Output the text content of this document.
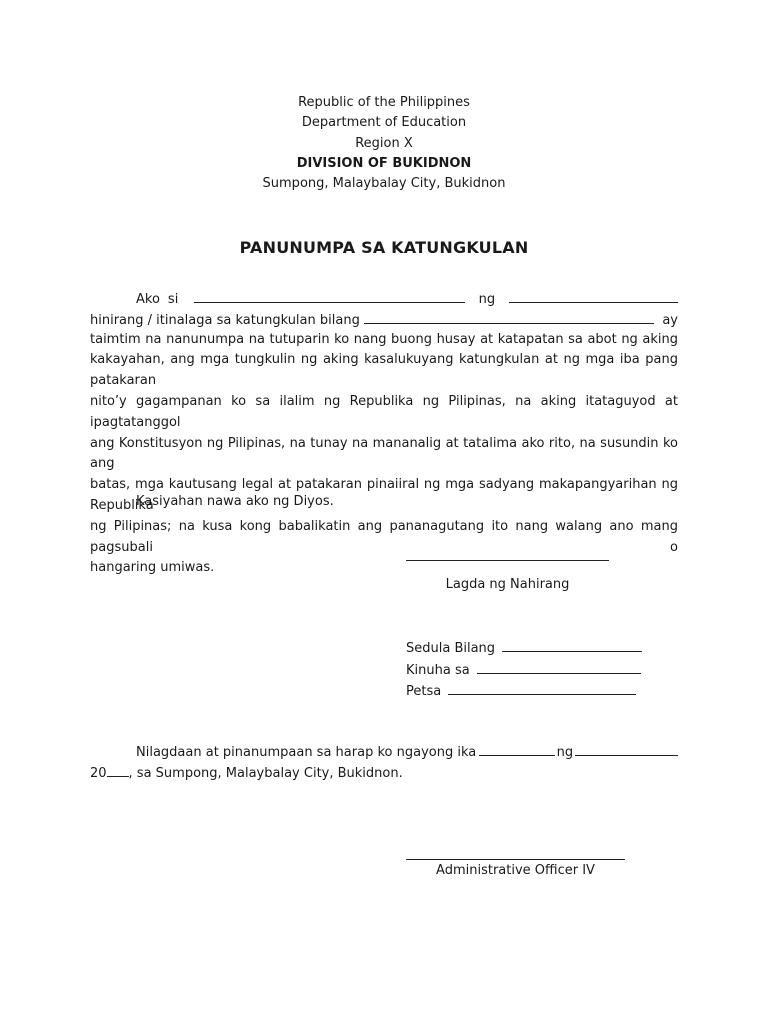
Republic of the Philippines
Department of Education
Region X
DIVISION OF BUKIDNON
Sumpong, Malaybalay City, Bukidnon
PANUNUMPA SA KATUNGKULAN
Ako si	ng
hinirang / itinalaga sa katungkulan bilang	ay
taimtim na nanunumpa na tutuparin ko nang buong husay at katapatan sa abot ng aking
kakayahan, ang mga tungkulin ng aking kasalukuyang katungkulan at ng mga iba pang patakaran
nito’y gagampanan ko sa ilalim ng Republika ng Pilipinas, na aking itataguyod at ipagtatanggol
ang Konstitusyon ng Pilipinas, na tunay na mananalig at tatalima ako rito, na susundin ko ang
batas, mga kautusang legal at patakaran pinaiiral ng mga sadyang makapangyarihan ng Republika
ng Pilipinas; na kusa kong babalikatin ang pananagutang ito nang walang ano mang pagsubali o
hangaring umiwas.
Kasiyahan nawa ako ng Diyos.
Lagda ng Nahirang
Sedula Bilang
Kinuha sa
Petsa
Nilagdaan at pinanumpaan sa harap ko ngayong ika	ng
20 , sa Sumpong, Malaybalay City, Bukidnon.
Administrative Officer IV
